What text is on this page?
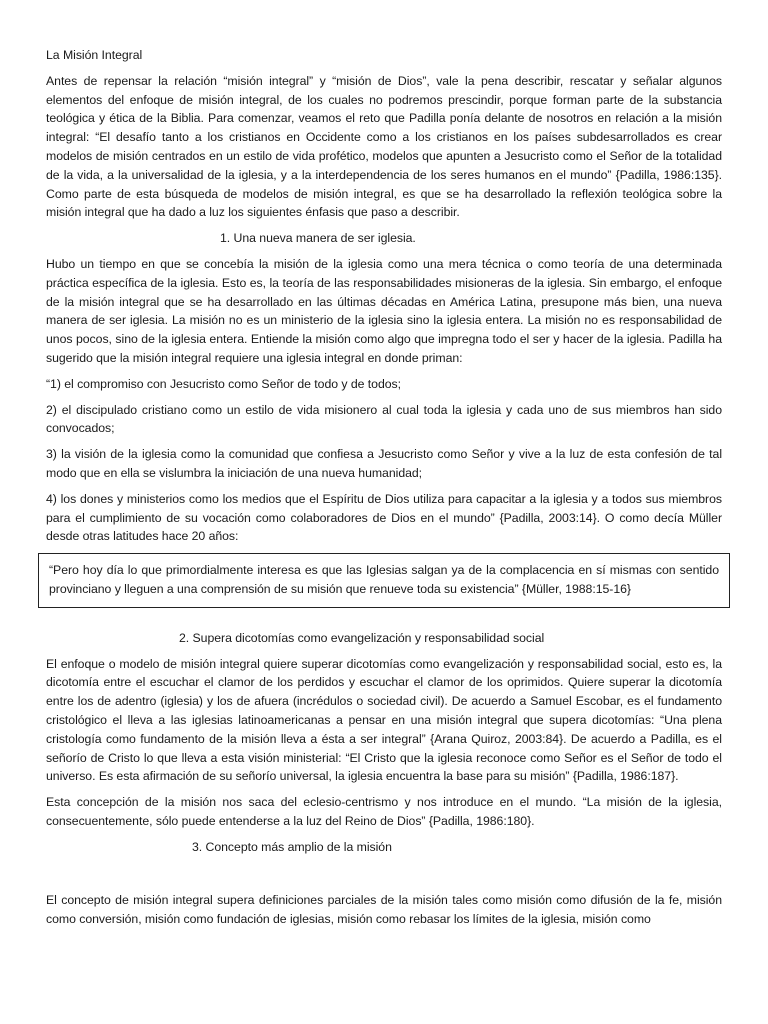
La Misión Integral

Antes de repensar la relación “misión integral” y “misión de Dios”, vale la pena describir, rescatar y señalar algunos elementos del enfoque de misión integral, de los cuales no podremos prescindir, porque forman parte de la substancia teológica y ética de la Biblia. Para comenzar, veamos el reto que Padilla ponía delante de nosotros en relación a la misión integral: “El desafío tanto a los cristianos en Occidente como a los cristianos en los países subdesarrollados es crear modelos de misión centrados en un estilo de vida profético, modelos que apunten a Jesucristo como el Señor de la totalidad de la vida, a la universalidad de la iglesia, y a la interdependencia de los seres humanos en el mundo” {Padilla, 1986:135}. Como parte de esta búsqueda de modelos de misión integral, es que se ha desarrollado la reflexión teológica sobre la misión integral que ha dado a luz los siguientes énfasis que paso a describir.

1. Una nueva manera de ser iglesia.

Hubo un tiempo en que se concebía la misión de la iglesia como una mera técnica o como teoría de una determinada práctica específica de la iglesia. Esto es, la teoría de las responsabilidades misioneras de la iglesia. Sin embargo, el enfoque de la misión integral que se ha desarrollado en las últimas décadas en América Latina, presupone más bien, una nueva manera de ser iglesia. La misión no es un ministerio de la iglesia sino la iglesia entera. La misión no es responsabilidad de unos pocos, sino de la iglesia entera. Entiende la misión como algo que impregna todo el ser y hacer de la iglesia. Padilla ha sugerido que la misión integral requiere una iglesia integral en donde priman:

“1) el compromiso con Jesucristo como Señor de todo y de todos;

2) el discipulado cristiano como un estilo de vida misionero al cual toda la iglesia y cada uno de sus miembros han sido convocados;

3) la visión de la iglesia como la comunidad que confiesa a Jesucristo como Señor y vive a la luz de esta confesión de tal modo que en ella se vislumbra la iniciación de una nueva humanidad;

4) los dones y ministerios como los medios que el Espíritu de Dios utiliza para capacitar a la iglesia y a todos sus miembros para el cumplimiento de su vocación como colaboradores de Dios en el mundo” {Padilla, 2003:14}. O como decía Müller desde otras latitudes hace 20 años:

“Pero hoy día lo que primordialmente interesa es que las Iglesias salgan ya de la complacencia en sí mismas con sentido provinciano y lleguen a una comprensión de su misión que renueve toda su existencia” {Müller, 1988:15-16}

2. Supera dicotomías como evangelización y responsabilidad social

El enfoque o modelo de misión integral quiere superar dicotomías como evangelización y responsabilidad social, esto es, la dicotomía entre el escuchar el clamor de los perdidos y escuchar el clamor de los oprimidos. Quiere superar la dicotomía entre los de adentro (iglesia) y los de afuera (incrédulos o sociedad civil). De acuerdo a Samuel Escobar, es el fundamento cristológico el lleva a las iglesias latinoamericanas a pensar en una misión integral que supera dicotomías: “Una plena cristología como fundamento de la misión lleva a ésta a ser integral” {Arana Quiroz, 2003:84}. De acuerdo a Padilla, es el señorío de Cristo lo que lleva a esta visión ministerial: “El Cristo que la iglesia reconoce como Señor es el Señor de todo el universo. Es esta afirmación de su señorío universal, la iglesia encuentra la base para su misión” {Padilla, 1986:187}.

Esta concepción de la misión nos saca del eclesio-centrismo y nos introduce en el mundo. “La misión de la iglesia, consecuentemente, sólo puede entenderse a la luz del Reino de Dios” {Padilla, 1986:180}.

3. Concepto más amplio de la misión

El concepto de misión integral supera definiciones parciales de la misión tales como misión como difusión de la fe, misión como conversión, misión como fundación de iglesias, misión como rebasar los límites de la iglesia, misión como
